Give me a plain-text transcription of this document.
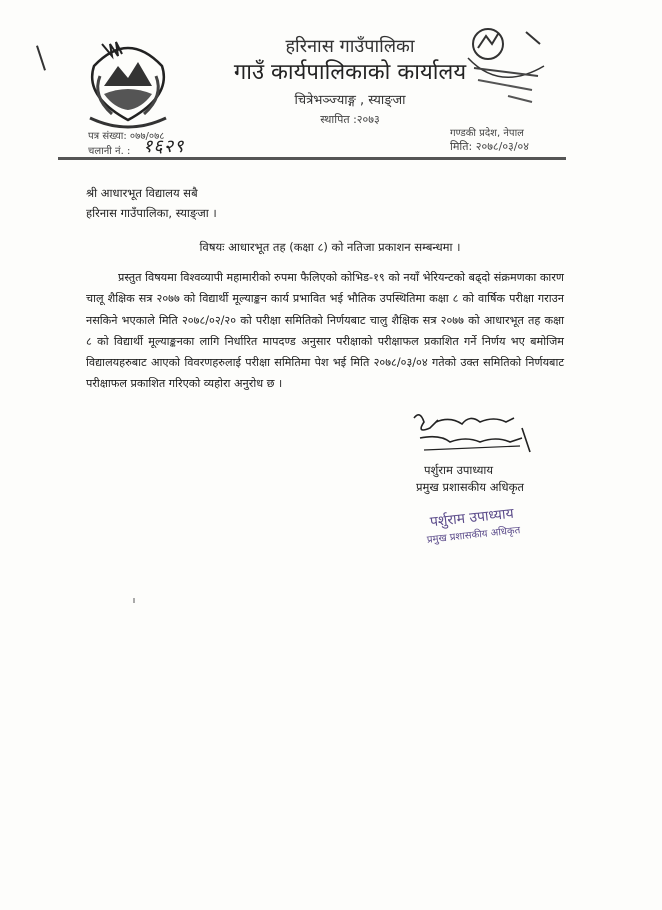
हरिनास गाउँपालिका
गाउँ कार्यपालिकाको कार्यालय
चित्रेभञ्ज्याङ्ग , स्याङ्जा
स्थापित :२०७३
पत्र संख्या: ०७७/०७८
चलानी नं. : १६२९
गण्डकी प्रदेश, नेपाल
मिति: २०७८/०३/०४
श्री आधारभूत विद्यालय सबै
हरिनास गाउँपालिका, स्याङ्जा ।
विषयः आधारभूत तह (कक्षा ८) को नतिजा प्रकाशन सम्बन्धमा ।
प्रस्तुत विषयमा विश्वव्यापी महामारीको रुपमा फैलिएको कोभिड-१९ को नयाँ भेरियन्टको बढ्दो संक्रमणका कारण चालू शैक्षिक सत्र २०७७ को विद्यार्थी मूल्याङ्कन कार्य प्रभावित भई भौतिक उपस्थितिमा कक्षा ८ को वार्षिक परीक्षा गराउन नसकिने भएकाले मिति २०७८/०२/२० को परीक्षा समितिको निर्णयबाट चालु शैक्षिक सत्र २०७७ को आधारभूत तह कक्षा ८ को विद्यार्थी मूल्याङ्कनका लागि निर्धारित मापदण्ड अनुसार परीक्षाको परीक्षाफल प्रकाशित गर्ने निर्णय भए बमोजिम विद्यालयहरुबाट आएको विवरणहरुलाई परीक्षा समितिमा पेश भई मिति २०७८/०३/०४ गतेको उक्त समितिको निर्णयबाट परीक्षाफल प्रकाशित गरिएको व्यहोरा अनुरोध छ ।
पर्शुराम उपाध्याय
प्रमुख प्रशासकीय अधिकृत
पर्शुराम उपाध्याय
प्रमुख प्रशासकीय अधिकृत
